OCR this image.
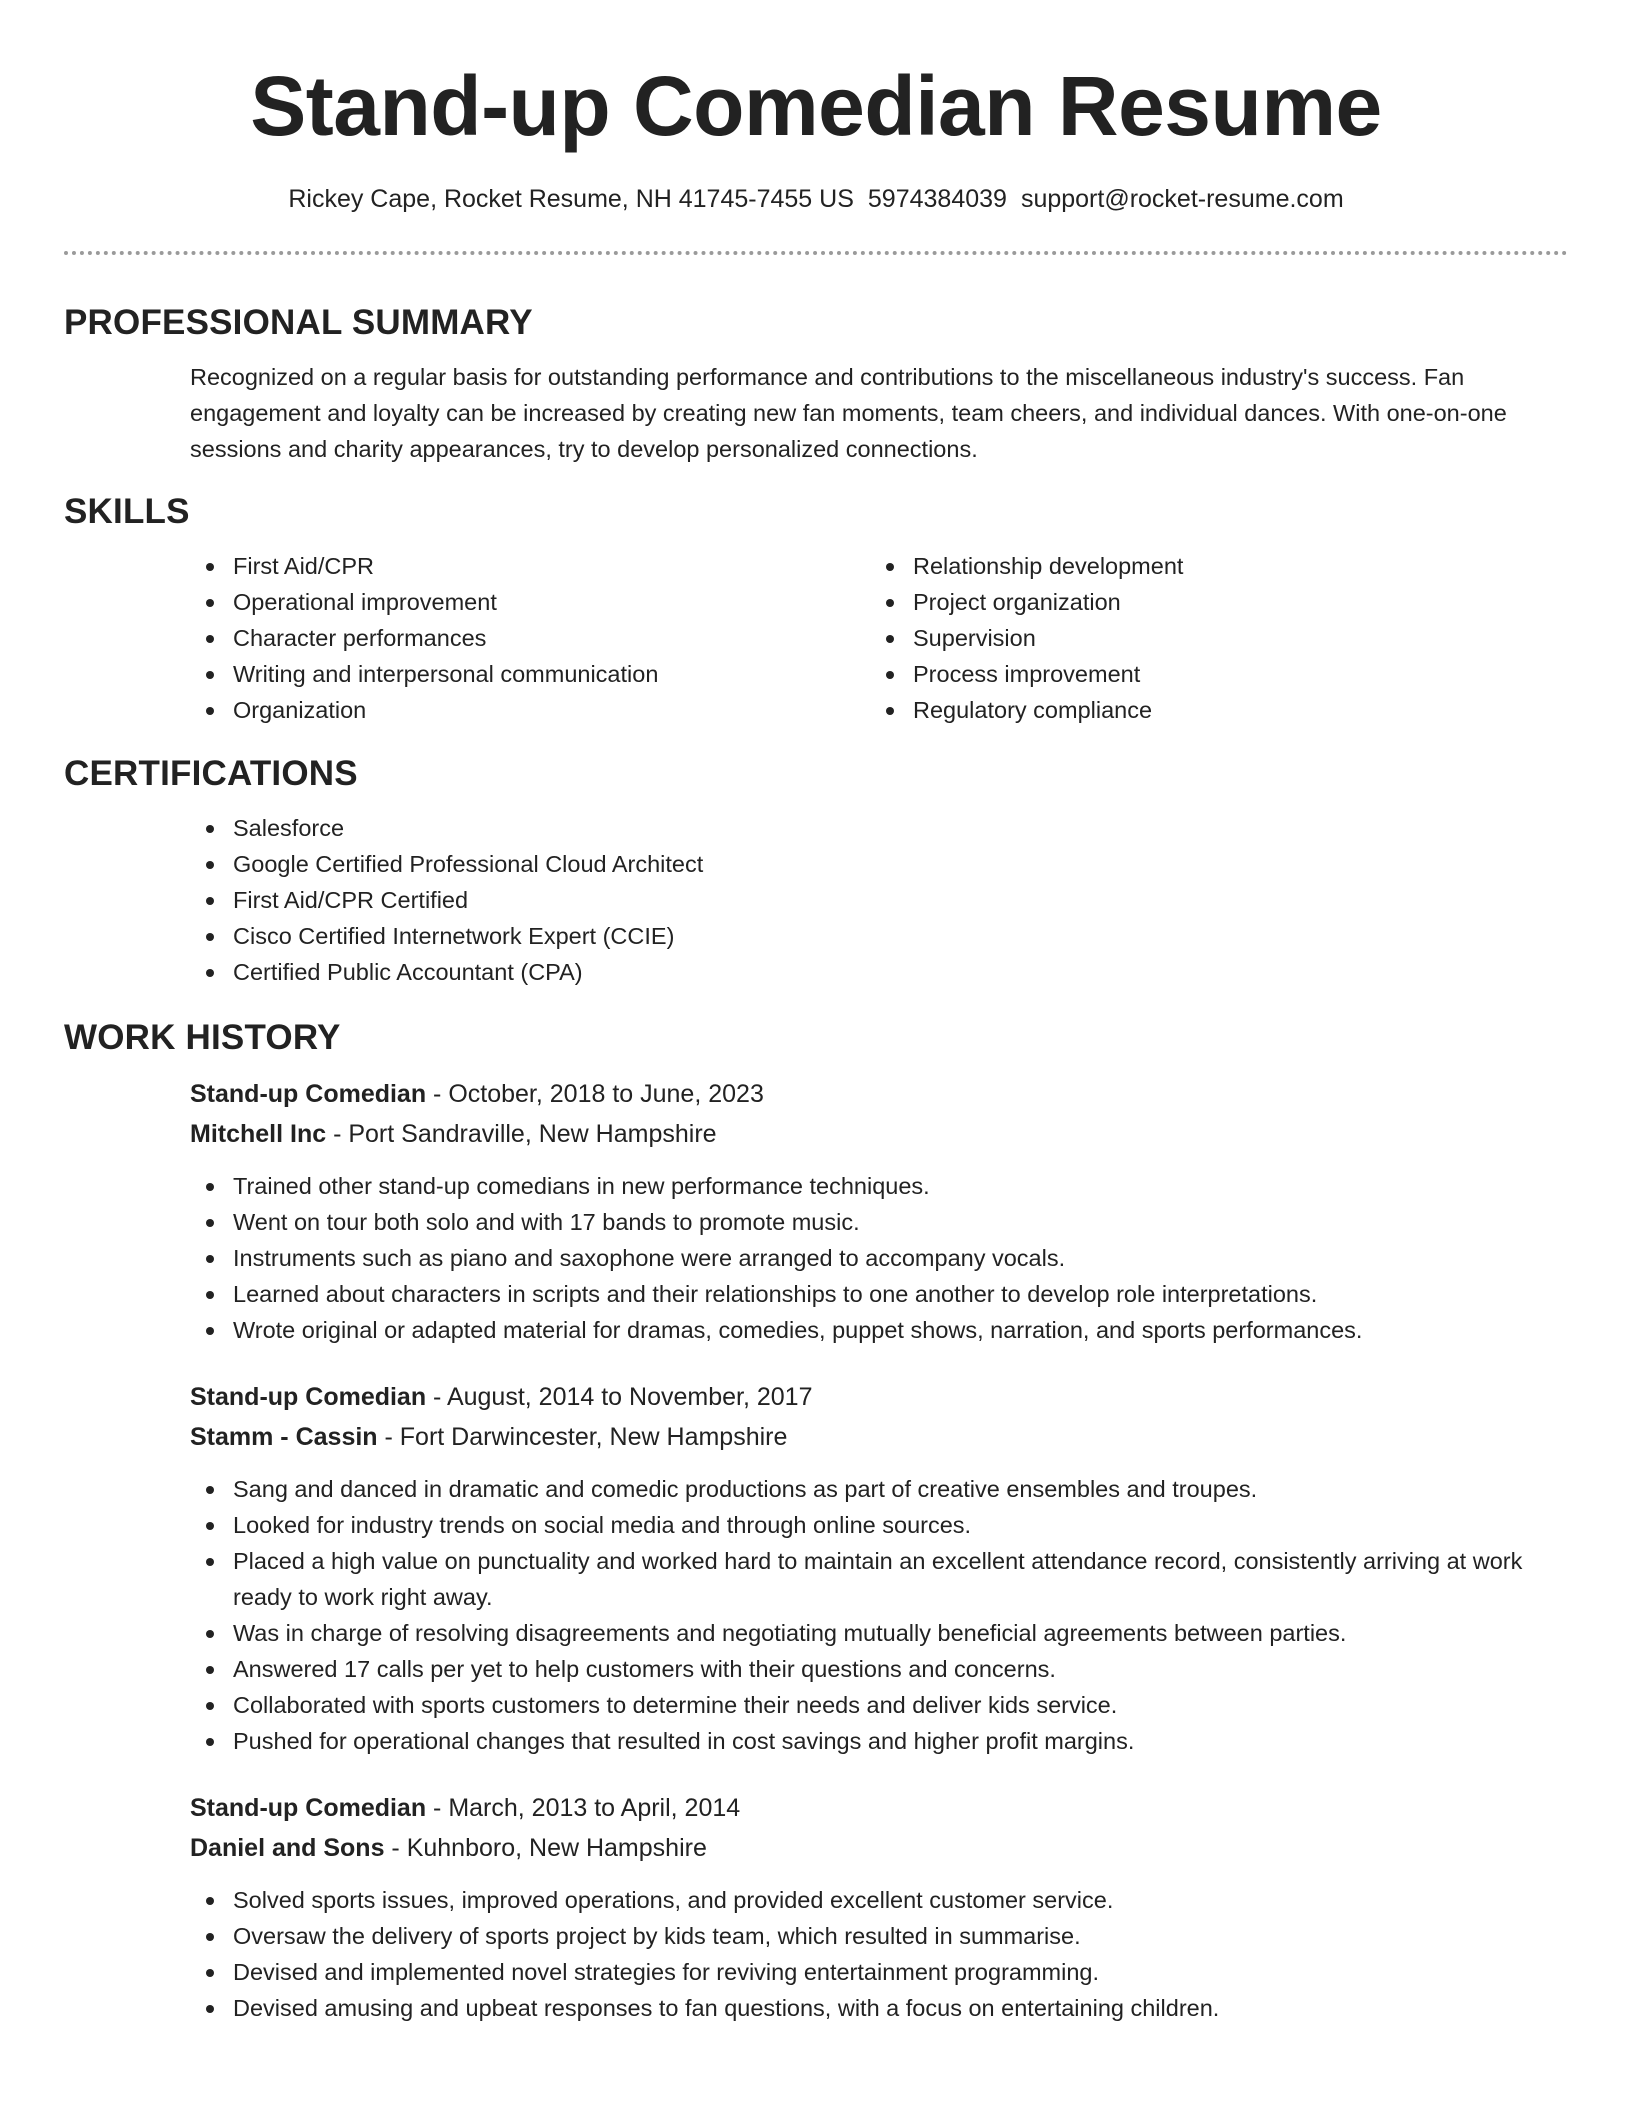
Stand-up Comedian Resume
Rickey Cape, Rocket Resume, NH 41745-7455 US 5974384039 support@rocket-resume.com
PROFESSIONAL SUMMARY

Recognized on a regular basis for outstanding performance and contributions to the miscellaneous industry's success. Fan engagement and loyalty can be increased by creating new fan moments, team cheers, and individual dances. With one-on-one sessions and charity appearances, try to develop personalized connections.

SKILLS
First Aid/CPR
Operational improvement
Character performances
Writing and interpersonal communication
Organization
Relationship development
Project organization
Supervision
Process improvement
Regulatory compliance
CERTIFICATIONS
Salesforce
Google Certified Professional Cloud Architect
First Aid/CPR Certified
Cisco Certified Internetwork Expert (CCIE)
Certified Public Accountant (CPA)
WORK HISTORY
Stand-up Comedian - October, 2018 to June, 2023
Mitchell Inc - Port Sandraville, New Hampshire
Trained other stand-up comedians in new performance techniques.
Went on tour both solo and with 17 bands to promote music.
Instruments such as piano and saxophone were arranged to accompany vocals.
Learned about characters in scripts and their relationships to one another to develop role interpretations.
Wrote original or adapted material for dramas, comedies, puppet shows, narration, and sports performances.
Stand-up Comedian - August, 2014 to November, 2017
Stamm - Cassin - Fort Darwincester, New Hampshire
Sang and danced in dramatic and comedic productions as part of creative ensembles and troupes.
Looked for industry trends on social media and through online sources.
Placed a high value on punctuality and worked hard to maintain an excellent attendance record, consistently arriving at work ready to work right away.
Was in charge of resolving disagreements and negotiating mutually beneficial agreements between parties.
Answered 17 calls per yet to help customers with their questions and concerns.
Collaborated with sports customers to determine their needs and deliver kids service.
Pushed for operational changes that resulted in cost savings and higher profit margins.
Stand-up Comedian - March, 2013 to April, 2014
Daniel and Sons - Kuhnboro, New Hampshire
Solved sports issues, improved operations, and provided excellent customer service.
Oversaw the delivery of sports project by kids team, which resulted in summarise.
Devised and implemented novel strategies for reviving entertainment programming.
Devised amusing and upbeat responses to fan questions, with a focus on entertaining children.
